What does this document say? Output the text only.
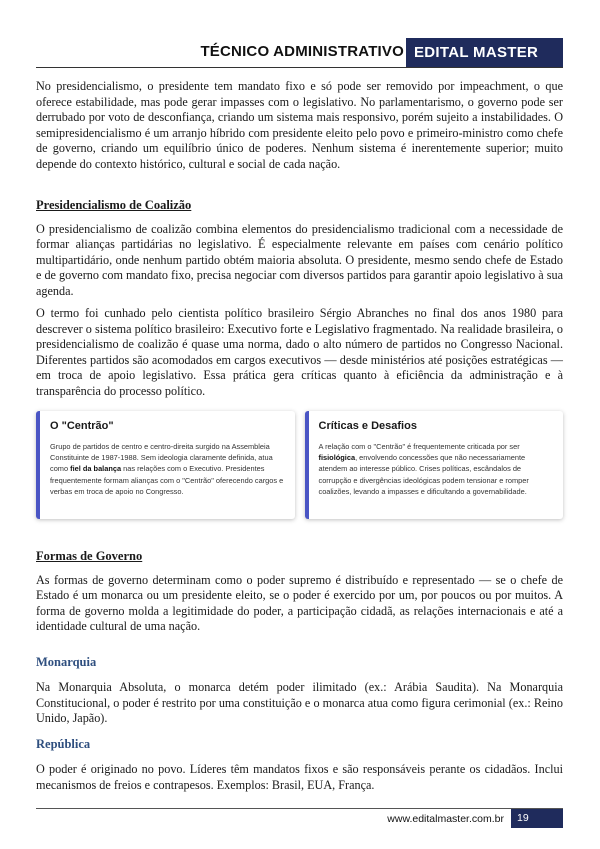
TÉCNICO ADMINISTRATIVO EDITAL MASTER

No presidencialismo, o presidente tem mandato fixo e só pode ser removido por impeachment, o que oferece estabilidade, mas pode gerar impasses com o legislativo. No parlamentarismo, o governo pode ser derrubado por voto de desconfiança, criando um sistema mais responsivo, porém sujeito a instabilidades. O semipresidencialismo é um arranjo híbrido com presidente eleito pelo povo e primeiro-ministro como chefe de governo, criando um equilíbrio único de poderes. Nenhum sistema é inerentemente superior; muito depende do contexto histórico, cultural e social de cada nação.

Presidencialismo de Coalizão

O presidencialismo de coalizão combina elementos do presidencialismo tradicional com a necessidade de formar alianças partidárias no legislativo. É especialmente relevante em países com cenário político multipartidário, onde nenhum partido obtém maioria absoluta. O presidente, mesmo sendo chefe de Estado e de governo com mandato fixo, precisa negociar com diversos partidos para garantir apoio legislativo à sua agenda.

O termo foi cunhado pelo cientista político brasileiro Sérgio Abranches no final dos anos 1980 para descrever o sistema político brasileiro: Executivo forte e Legislativo fragmentado. Na realidade brasileira, o presidencialismo de coalizão é quase uma norma, dado o alto número de partidos no Congresso Nacional. Diferentes partidos são acomodados em cargos executivos — desde ministérios até posições estratégicas — em troca de apoio legislativo. Essa prática gera críticas quanto à eficiência da administração e à transparência do processo político.

O "Centrão"
Grupo de partidos de centro e centro-direita surgido na Assembleia Constituinte de 1987-1988. Sem ideologia claramente definida, atua como fiel da balança nas relações com o Executivo. Presidentes frequentemente formam alianças com o "Centrão" oferecendo cargos e verbas em troca de apoio no Congresso.
Críticas e Desafios
A relação com o "Centrão" é frequentemente criticada por ser fisiológica, envolvendo concessões que não necessariamente atendem ao interesse público. Crises políticas, escândalos de corrupção e divergências ideológicas podem tensionar e romper coalizões, levando a impasses e dificultando a governabilidade.
Formas de Governo

As formas de governo determinam como o poder supremo é distribuído e representado — se o chefe de Estado é um monarca ou um presidente eleito, se o poder é exercido por um, por poucos ou por muitos. A forma de governo molda a legitimidade do poder, a participação cidadã, as relações internacionais e até a identidade cultural de uma nação.

Monarquia

Na Monarquia Absoluta, o monarca detém poder ilimitado (ex.: Arábia Saudita). Na Monarquia Constitucional, o poder é restrito por uma constituição e o monarca atua como figura cerimonial (ex.: Reino Unido, Japão).

República

O poder é originado no povo. Líderes têm mandatos fixos e são responsáveis perante os cidadãos. Inclui mecanismos de freios e contrapesos. Exemplos: Brasil, EUA, França.

www.editalmaster.com.br	19
